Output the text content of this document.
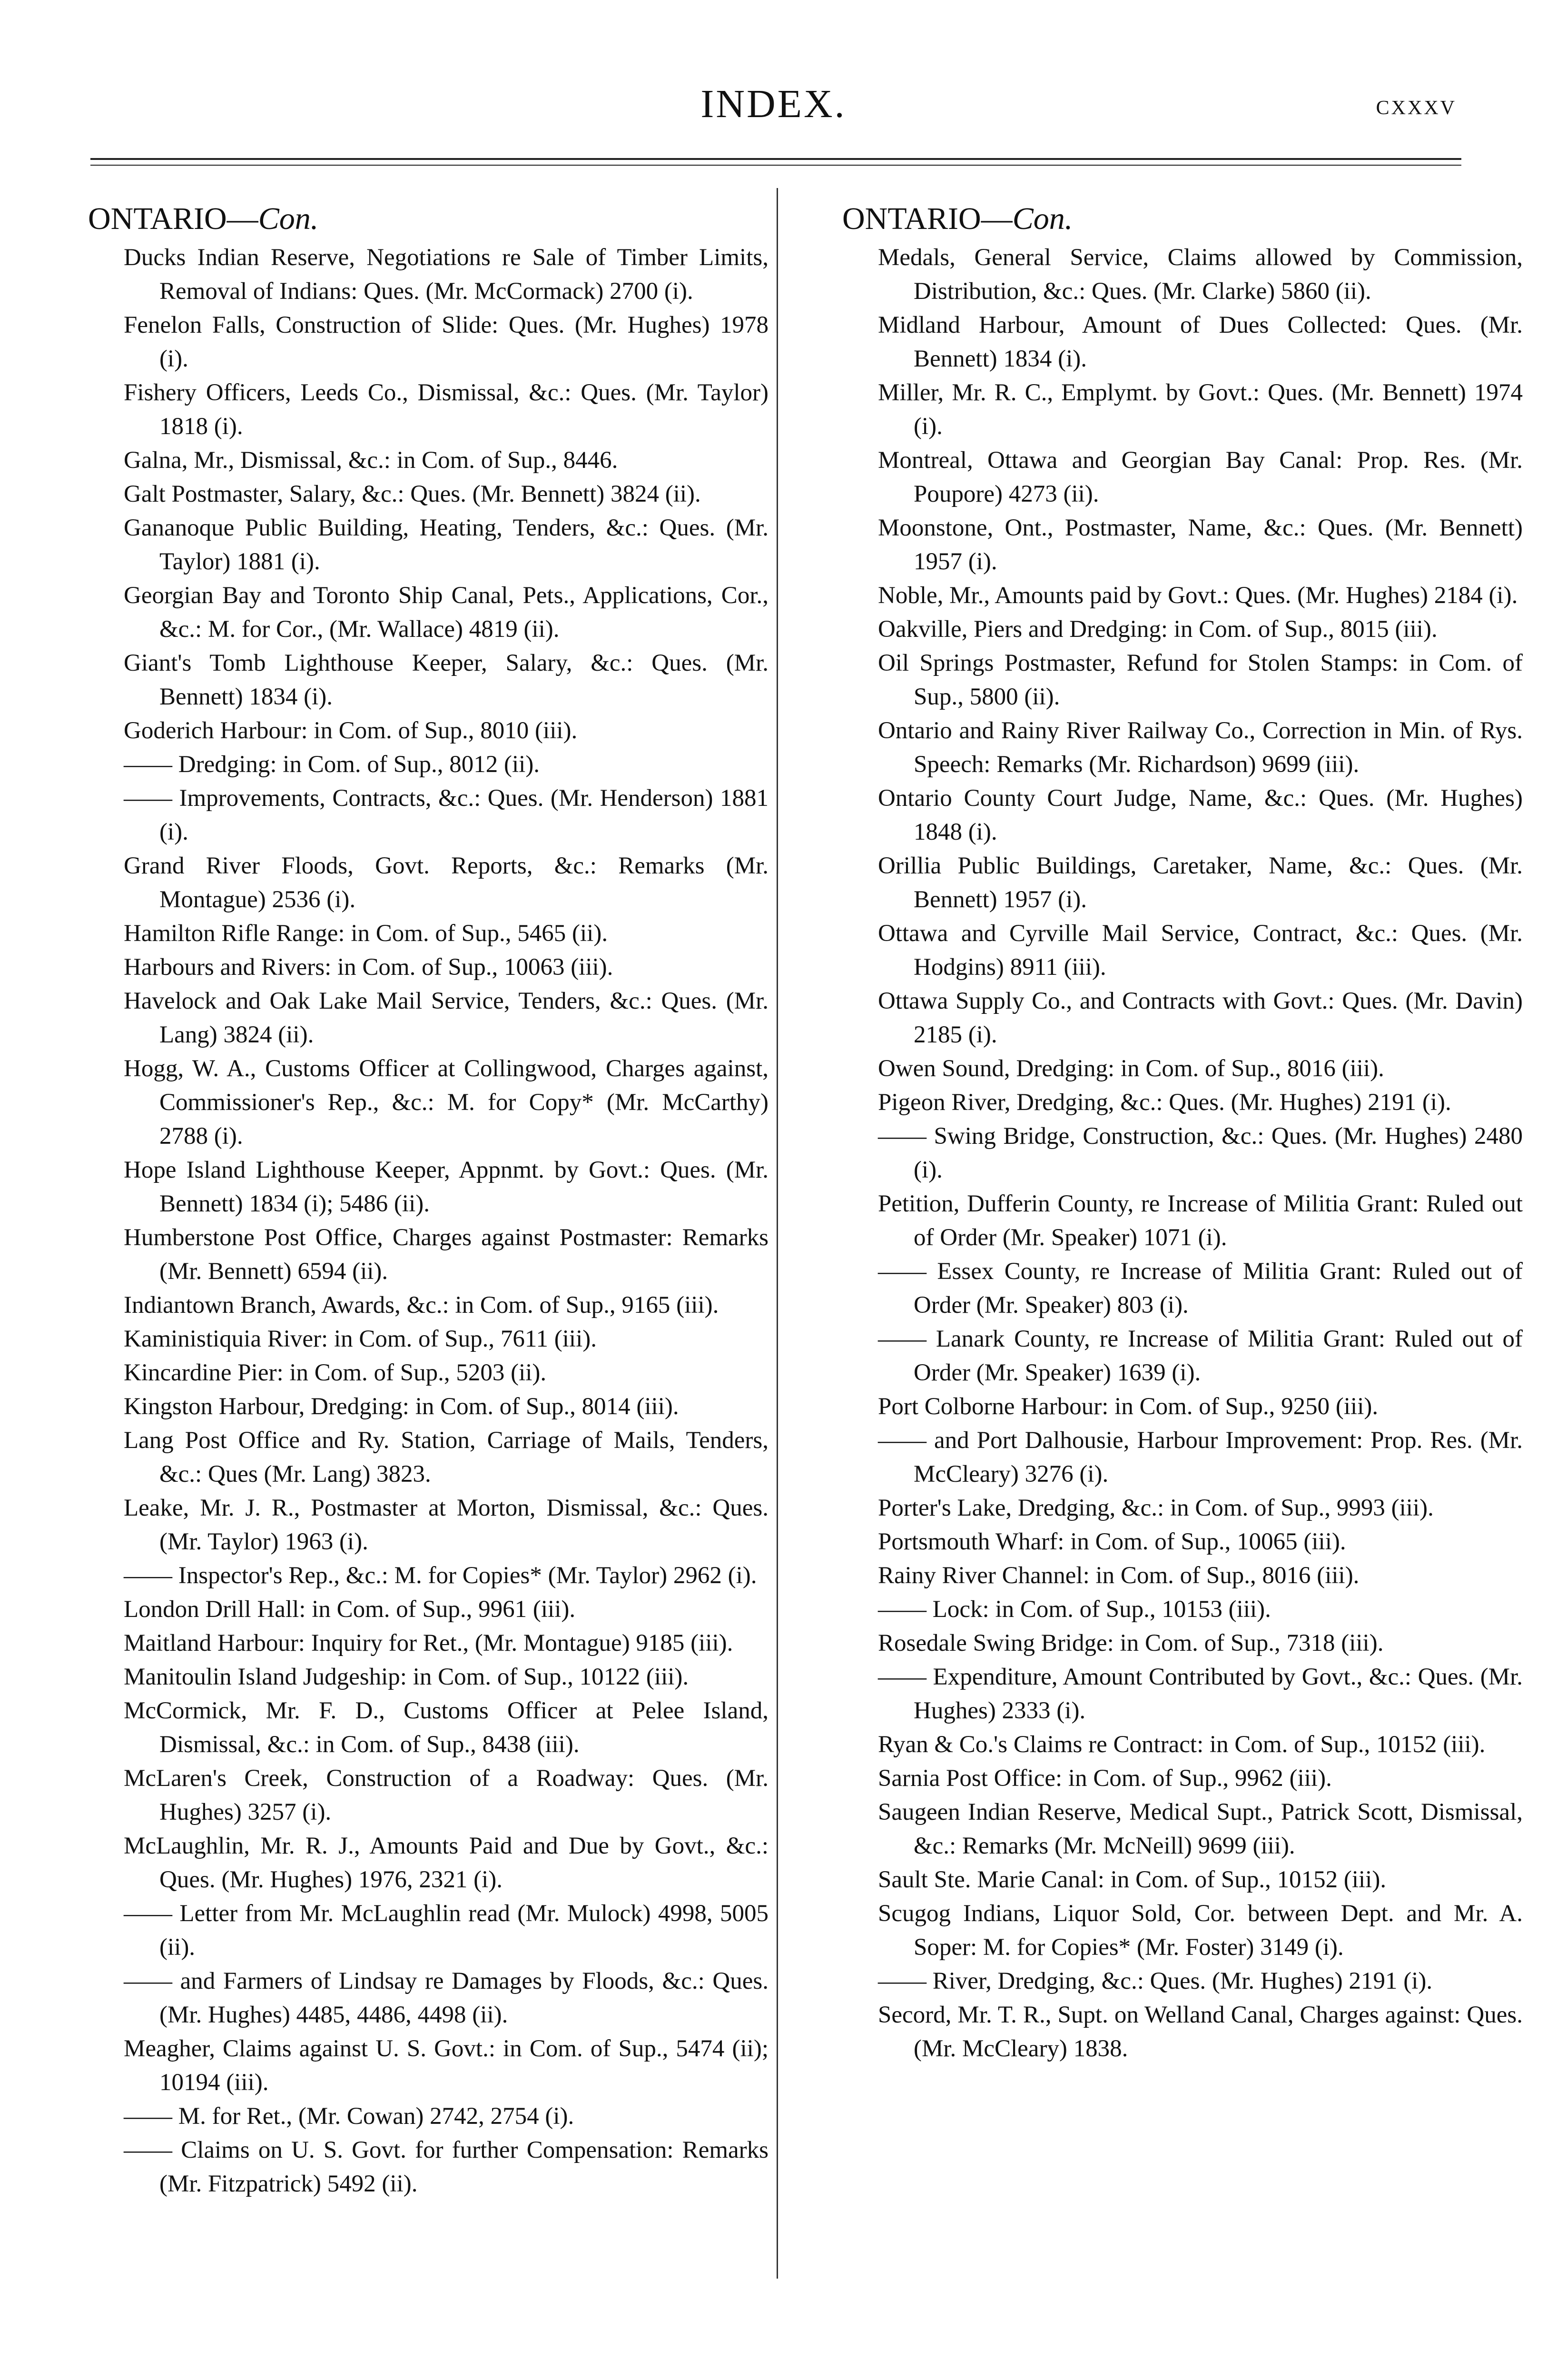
INDEX.	cxxxv
ONTARIO—Con.
Ducks Indian Reserve, Negotiations re Sale of Timber Limits, Removal of Indians: Ques. (Mr. McCormack) 2700 (i).
Fenelon Falls, Construction of Slide: Ques. (Mr. Hughes) 1978 (i).
Fishery Officers, Leeds Co., Dismissal, &c.: Ques. (Mr. Taylor) 1818 (i).
Galna, Mr., Dismissal, &c.: in Com. of Sup., 8446.
Galt Postmaster, Salary, &c.: Ques. (Mr. Bennett) 3824 (ii).
Gananoque Public Building, Heating, Tenders, &c.: Ques. (Mr. Taylor) 1881 (i).
Georgian Bay and Toronto Ship Canal, Pets., Applications, Cor., &c.: M. for Cor., (Mr. Wallace) 4819 (ii).
Giant's Tomb Lighthouse Keeper, Salary, &c.: Ques. (Mr. Bennett) 1834 (i).
Goderich Harbour: in Com. of Sup., 8010 (iii).
—— Dredging: in Com. of Sup., 8012 (ii).
—— Improvements, Contracts, &c.: Ques. (Mr. Henderson) 1881 (i).
Grand River Floods, Govt. Reports, &c.: Remarks (Mr. Montague) 2536 (i).
Hamilton Rifle Range: in Com. of Sup., 5465 (ii).
Harbours and Rivers: in Com. of Sup., 10063 (iii).
Havelock and Oak Lake Mail Service, Tenders, &c.: Ques. (Mr. Lang) 3824 (ii).
Hogg, W. A., Customs Officer at Collingwood, Charges against, Commissioner's Rep., &c.: M. for Copy* (Mr. McCarthy) 2788 (i).
Hope Island Lighthouse Keeper, Appnmt. by Govt.: Ques. (Mr. Bennett) 1834 (i); 5486 (ii).
Humberstone Post Office, Charges against Postmaster: Remarks (Mr. Bennett) 6594 (ii).
Indiantown Branch, Awards, &c.: in Com. of Sup., 9165 (iii).
Kaministiquia River: in Com. of Sup., 7611 (iii).
Kincardine Pier: in Com. of Sup., 5203 (ii).
Kingston Harbour, Dredging: in Com. of Sup., 8014 (iii).
Lang Post Office and Ry. Station, Carriage of Mails, Tenders, &c.: Ques (Mr. Lang) 3823.
Leake, Mr. J. R., Postmaster at Morton, Dismissal, &c.: Ques. (Mr. Taylor) 1963 (i).
—— Inspector's Rep., &c.: M. for Copies* (Mr. Taylor) 2962 (i).
London Drill Hall: in Com. of Sup., 9961 (iii).
Maitland Harbour: Inquiry for Ret., (Mr. Montague) 9185 (iii).
Manitoulin Island Judgeship: in Com. of Sup., 10122 (iii).
McCormick, Mr. F. D., Customs Officer at Pelee Island, Dismissal, &c.: in Com. of Sup., 8438 (iii).
McLaren's Creek, Construction of a Roadway: Ques. (Mr. Hughes) 3257 (i).
McLaughlin, Mr. R. J., Amounts Paid and Due by Govt., &c.: Ques. (Mr. Hughes) 1976, 2321 (i).
—— Letter from Mr. McLaughlin read (Mr. Mulock) 4998, 5005 (ii).
—— and Farmers of Lindsay re Damages by Floods, &c.: Ques. (Mr. Hughes) 4485, 4486, 4498 (ii).
Meagher, Claims against U. S. Govt.: in Com. of Sup., 5474 (ii); 10194 (iii).
—— M. for Ret., (Mr. Cowan) 2742, 2754 (i).
—— Claims on U. S. Govt. for further Compensation: Remarks (Mr. Fitzpatrick) 5492 (ii).
ONTARIO—Con.
Medals, General Service, Claims allowed by Commission, Distribution, &c.: Ques. (Mr. Clarke) 5860 (ii).
Midland Harbour, Amount of Dues Collected: Ques. (Mr. Bennett) 1834 (i).
Miller, Mr. R. C., Emplymt. by Govt.: Ques. (Mr. Bennett) 1974 (i).
Montreal, Ottawa and Georgian Bay Canal: Prop. Res. (Mr. Poupore) 4273 (ii).
Moonstone, Ont., Postmaster, Name, &c.: Ques. (Mr. Bennett) 1957 (i).
Noble, Mr., Amounts paid by Govt.: Ques. (Mr. Hughes) 2184 (i).
Oakville, Piers and Dredging: in Com. of Sup., 8015 (iii).
Oil Springs Postmaster, Refund for Stolen Stamps: in Com. of Sup., 5800 (ii).
Ontario and Rainy River Railway Co., Correction in Min. of Rys. Speech: Remarks (Mr. Richardson) 9699 (iii).
Ontario County Court Judge, Name, &c.: Ques. (Mr. Hughes) 1848 (i).
Orillia Public Buildings, Caretaker, Name, &c.: Ques. (Mr. Bennett) 1957 (i).
Ottawa and Cyrville Mail Service, Contract, &c.: Ques. (Mr. Hodgins) 8911 (iii).
Ottawa Supply Co., and Contracts with Govt.: Ques. (Mr. Davin) 2185 (i).
Owen Sound, Dredging: in Com. of Sup., 8016 (iii).
Pigeon River, Dredging, &c.: Ques. (Mr. Hughes) 2191 (i).
—— Swing Bridge, Construction, &c.: Ques. (Mr. Hughes) 2480 (i).
Petition, Dufferin County, re Increase of Militia Grant: Ruled out of Order (Mr. Speaker) 1071 (i).
—— Essex County, re Increase of Militia Grant: Ruled out of Order (Mr. Speaker) 803 (i).
—— Lanark County, re Increase of Militia Grant: Ruled out of Order (Mr. Speaker) 1639 (i).
Port Colborne Harbour: in Com. of Sup., 9250 (iii).
—— and Port Dalhousie, Harbour Improvement: Prop. Res. (Mr. McCleary) 3276 (i).
Porter's Lake, Dredging, &c.: in Com. of Sup., 9993 (iii).
Portsmouth Wharf: in Com. of Sup., 10065 (iii).
Rainy River Channel: in Com. of Sup., 8016 (iii).
—— Lock: in Com. of Sup., 10153 (iii).
Rosedale Swing Bridge: in Com. of Sup., 7318 (iii).
—— Expenditure, Amount Contributed by Govt., &c.: Ques. (Mr. Hughes) 2333 (i).
Ryan & Co.'s Claims re Contract: in Com. of Sup., 10152 (iii).
Sarnia Post Office: in Com. of Sup., 9962 (iii).
Saugeen Indian Reserve, Medical Supt., Patrick Scott, Dismissal, &c.: Remarks (Mr. McNeill) 9699 (iii).
Sault Ste. Marie Canal: in Com. of Sup., 10152 (iii).
Scugog Indians, Liquor Sold, Cor. between Dept. and Mr. A. Soper: M. for Copies* (Mr. Foster) 3149 (i).
—— River, Dredging, &c.: Ques. (Mr. Hughes) 2191 (i).
Secord, Mr. T. R., Supt. on Welland Canal, Charges against: Ques. (Mr. McCleary) 1838.
